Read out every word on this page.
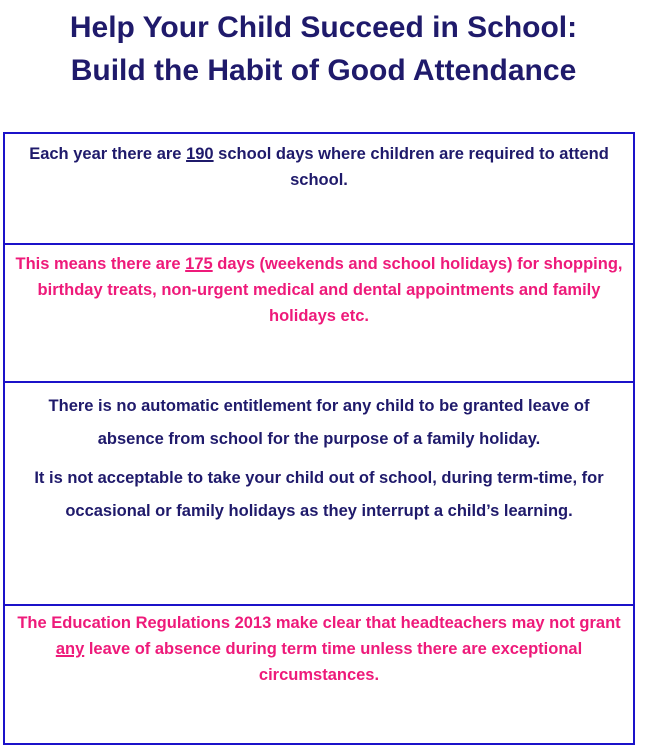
Help Your Child Succeed in School:
Build the Habit of Good Attendance
Each year there are 190 school days where children are required to attend school.
This means there are 175 days (weekends and school holidays) for shopping, birthday treats, non-urgent medical and dental appointments and family holidays etc.

There is no automatic entitlement for any child to be granted leave of absence from school for the purpose of a family holiday.

It is not acceptable to take your child out of school, during term-time, for occasional or family holidays as they interrupt a child’s learning.

The Education Regulations 2013 make clear that headteachers may not grant any leave of absence during term time unless there are exceptional circumstances.
